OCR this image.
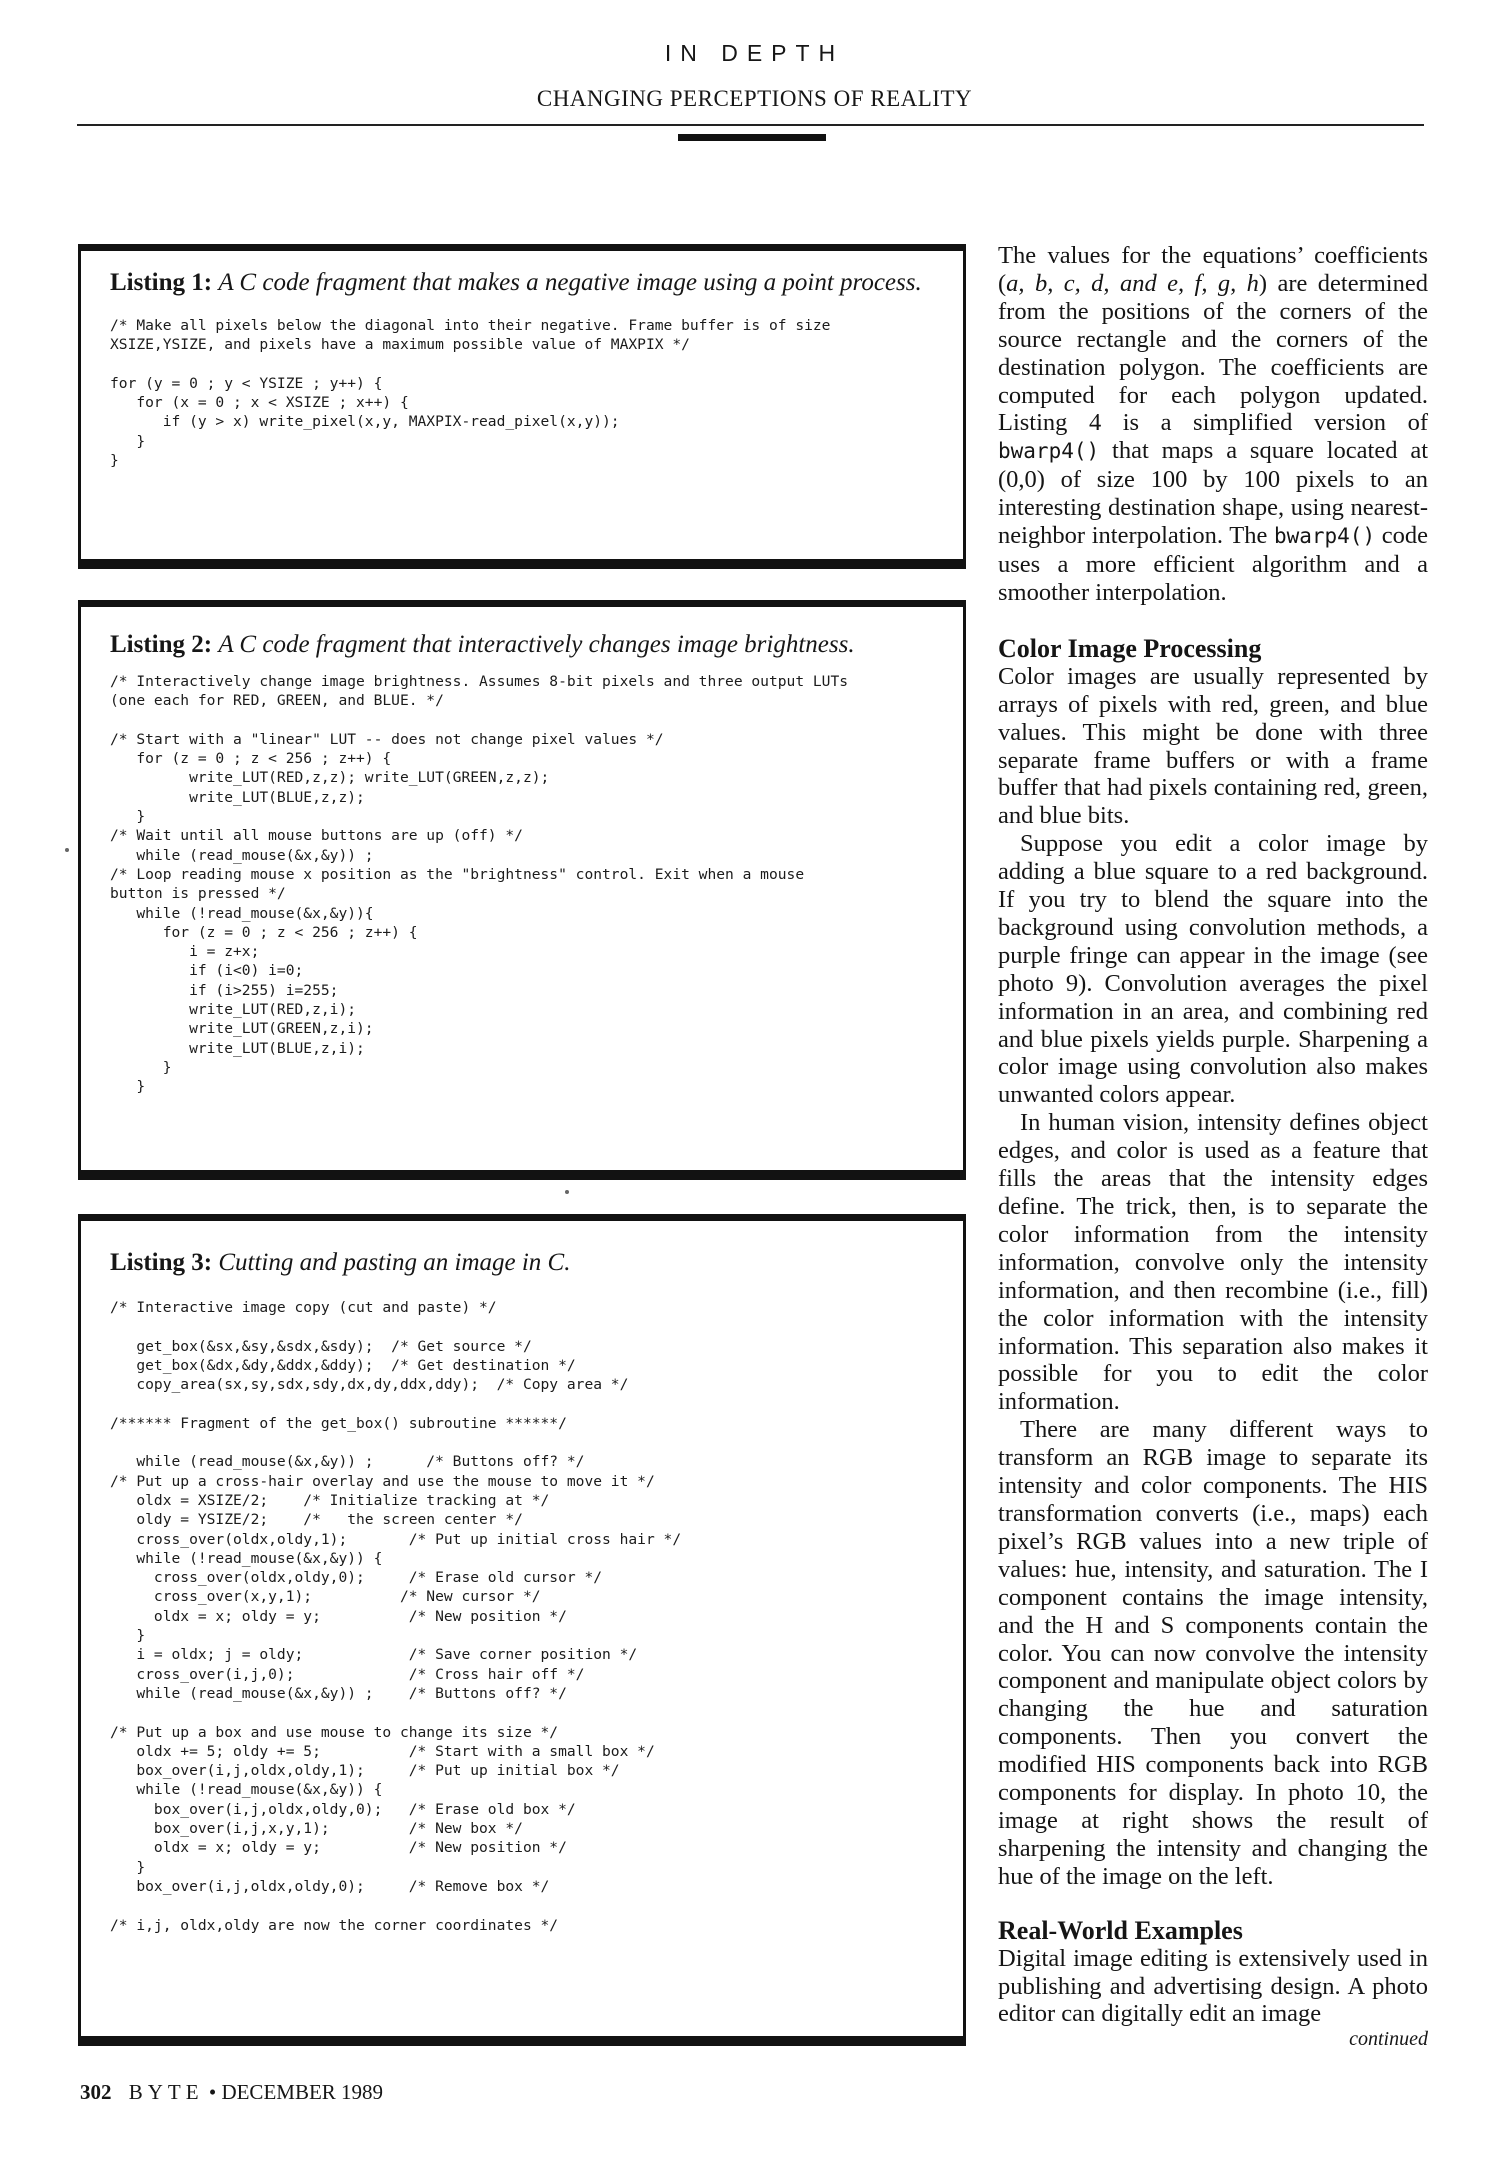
IN DEPTH
CHANGING PERCEPTIONS OF REALITY

Listing 1: A C code fragment that makes a negative image using a point process.

/* Make all pixels below the diagonal into their negative. Frame buffer is of size
XSIZE,YSIZE, and pixels have a maximum possible value of MAXPIX */

for (y = 0 ; y < YSIZE ; y++) {
for (x = 0 ; x < XSIZE ; x++) {
if (y > x) write_pixel(x,y, MAXPIX-read_pixel(x,y));
}
}

Listing 2: A C code fragment that interactively changes image brightness.

/* Interactively change image brightness. Assumes 8-bit pixels and three output LUTs
(one each for RED, GREEN, and BLUE. */

/* Start with a "linear" LUT -- does not change pixel values */
for (z = 0 ; z < 256 ; z++) {
write_LUT(RED,z,z); write_LUT(GREEN,z,z);
write_LUT(BLUE,z,z);
}
/* Wait until all mouse buttons are up (off) */
while (read_mouse(&x,&y)) ;
/* Loop reading mouse x position as the "brightness" control. Exit when a mouse
button is pressed */
while (!read_mouse(&x,&y)){
for (z = 0 ; z < 256 ; z++) {
i = z+x;
if (i<0) i=0;
if (i>255) i=255;
write_LUT(RED,z,i);
write_LUT(GREEN,z,i);
write_LUT(BLUE,z,i);
}
}

Listing 3: Cutting and pasting an image in C.

/* Interactive image copy (cut and paste) */

get_box(&sx,&sy,&sdx,&sdy);  /* Get source */
get_box(&dx,&dy,&ddx,&ddy);  /* Get destination */
copy_area(sx,sy,sdx,sdy,dx,dy,ddx,ddy);  /* Copy area */

/****** Fragment of the get_box() subroutine ******/

while (read_mouse(&x,&y)) ;      /* Buttons off? */
/* Put up a cross-hair overlay and use the mouse to move it */
oldx = XSIZE/2;    /* Initialize tracking at */
oldy = YSIZE/2;    /*   the screen center */
cross_over(oldx,oldy,1);       /* Put up initial cross hair */
while (!read_mouse(&x,&y)) {
cross_over(oldx,oldy,0);     /* Erase old cursor */
cross_over(x,y,1);          /* New cursor */
oldx = x; oldy = y;          /* New position */
}
i = oldx; j = oldy;            /* Save corner position */
cross_over(i,j,0);             /* Cross hair off */
while (read_mouse(&x,&y)) ;    /* Buttons off? */

/* Put up a box and use mouse to change its size */
oldx += 5; oldy += 5;          /* Start with a small box */
box_over(i,j,oldx,oldy,1);     /* Put up initial box */
while (!read_mouse(&x,&y)) {
box_over(i,j,oldx,oldy,0);   /* Erase old box */
box_over(i,j,x,y,1);         /* New box */
oldx = x; oldy = y;          /* New position */
}
box_over(i,j,oldx,oldy,0);     /* Remove box */

/* i,j, oldx,oldy are now the corner coordinates */

The values for the equations’ coefficients (a, b, c, d, and e, f, g, h) are determined from the positions of the corners of the source rectangle and the corners of the destination polygon. The coefficients are computed for each polygon updated. Listing 4 is a simplified version of bwarp4() that maps a square located at (0,0) of size 100 by 100 pixels to an interesting destination shape, using nearest-neighbor interpolation. The bwarp4() code uses a more efficient algorithm and a smoother interpolation.

Color Image Processing

Color images are usually represented by arrays of pixels with red, green, and blue values. This might be done with three separate frame buffers or with a frame buffer that had pixels containing red, green, and blue bits.

Suppose you edit a color image by adding a blue square to a red background. If you try to blend the square into the background using convolution methods, a purple fringe can appear in the image (see photo 9). Convolution averages the pixel information in an area, and combining red and blue pixels yields purple. Sharpening a color image using convolution also makes unwanted colors appear.

In human vision, intensity defines object edges, and color is used as a feature that fills the areas that the intensity edges define. The trick, then, is to separate the color information from the intensity information, convolve only the intensity information, and then recombine (i.e., fill) the color information with the intensity information. This separation also makes it possible for you to edit the color information.

There are many different ways to transform an RGB image to separate its intensity and color components. The HIS transformation converts (i.e., maps) each pixel’s RGB values into a new triple of values: hue, intensity, and saturation. The I component contains the image intensity, and the H and S components contain the color. You can now convolve the intensity component and manipulate object colors by changing the hue and saturation components. Then you convert the modified HIS components back into RGB components for display. In photo 10, the image at right shows the result of sharpening the intensity and changing the hue of the image on the left.

Real-World Examples

Digital image editing is extensively used in publishing and advertising design. A photo editor can digitally edit an image

continued
302 BYTE • DECEMBER 1989
